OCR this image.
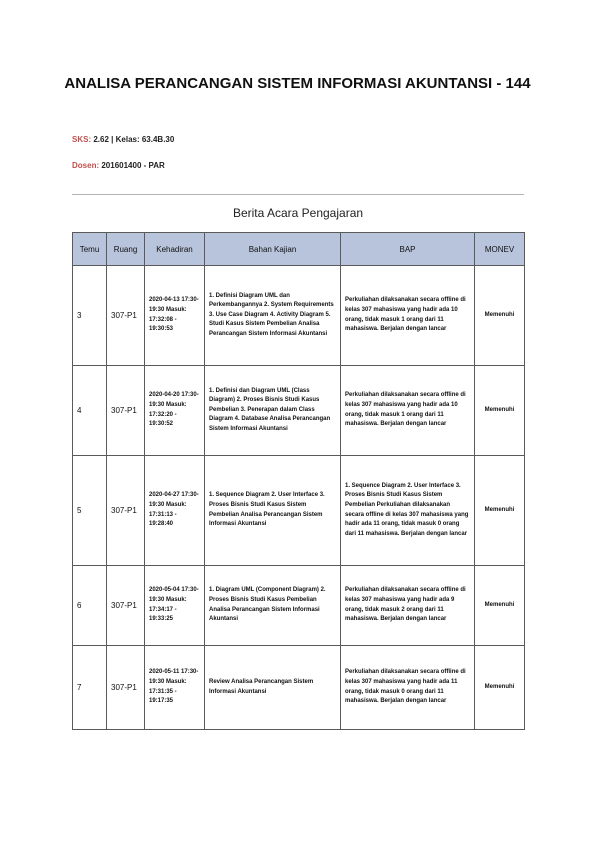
ANALISA PERANCANGAN SISTEM INFORMASI AKUNTANSI - 144
SKS: 2.62 | Kelas: 63.4B.30
Dosen: 201601400 - PAR
Berita Acara Pengajaran
Temu	Ruang	Kehadiran	Bahan Kajian	BAP	MONEV
3	307-P1	2020-04-13 17:30-19:30 Masuk: 17:32:08 - 19:30:53	1. Definisi Diagram UML dan Perkembangannya 2. System Requirements 3. Use Case Diagram 4. Activity Diagram 5. Studi Kasus Sistem Pembelian Analisa Perancangan Sistem Informasi Akuntansi	Perkuliahan dilaksanakan secara offline di kelas 307 mahasiswa yang hadir ada 10 orang, tidak masuk 1 orang dari 11 mahasiswa. Berjalan dengan lancar	Memenuhi
4	307-P1	2020-04-20 17:30-19:30 Masuk: 17:32:20 - 19:30:52	1. Definisi dan Diagram UML (Class Diagram) 2. Proses Bisnis Studi Kasus Pembelian 3. Penerapan dalam Class Diagram 4. Database Analisa Perancangan Sistem Informasi Akuntansi	Perkuliahan dilaksanakan secara offline di kelas 307 mahasiswa yang hadir ada 10 orang, tidak masuk 1 orang dari 11 mahasiswa. Berjalan dengan lancar	Memenuhi
5	307-P1	2020-04-27 17:30-19:30 Masuk: 17:31:13 - 19:28:40	1. Sequence Diagram 2. User Interface 3. Proses Bisnis Studi Kasus Sistem Pembelian Analisa Perancangan Sistem Informasi Akuntansi	1. Sequence Diagram 2. User Interface 3. Proses Bisnis Studi Kasus Sistem Pembelian Perkuliahan dilaksanakan secara offline di kelas 307 mahasiswa yang hadir ada 11 orang, tidak masuk 0 orang dari 11 mahasiswa. Berjalan dengan lancar	Memenuhi
6	307-P1	2020-05-04 17:30-19:30 Masuk: 17:34:17 - 19:33:25	1. Diagram UML (Component Diagram) 2. Proses Bisnis Studi Kasus Pembelian Analisa Perancangan Sistem Informasi Akuntansi	Perkuliahan dilaksanakan secara offline di kelas 307 mahasiswa yang hadir ada 9 orang, tidak masuk 2 orang dari 11 mahasiswa. Berjalan dengan lancar	Memenuhi
7	307-P1	2020-05-11 17:30-19:30 Masuk: 17:31:35 - 19:17:35	Review Analisa Perancangan Sistem Informasi Akuntansi	Perkuliahan dilaksanakan secara offline di kelas 307 mahasiswa yang hadir ada 11 orang, tidak masuk 0 orang dari 11 mahasiswa. Berjalan dengan lancar	Memenuhi
